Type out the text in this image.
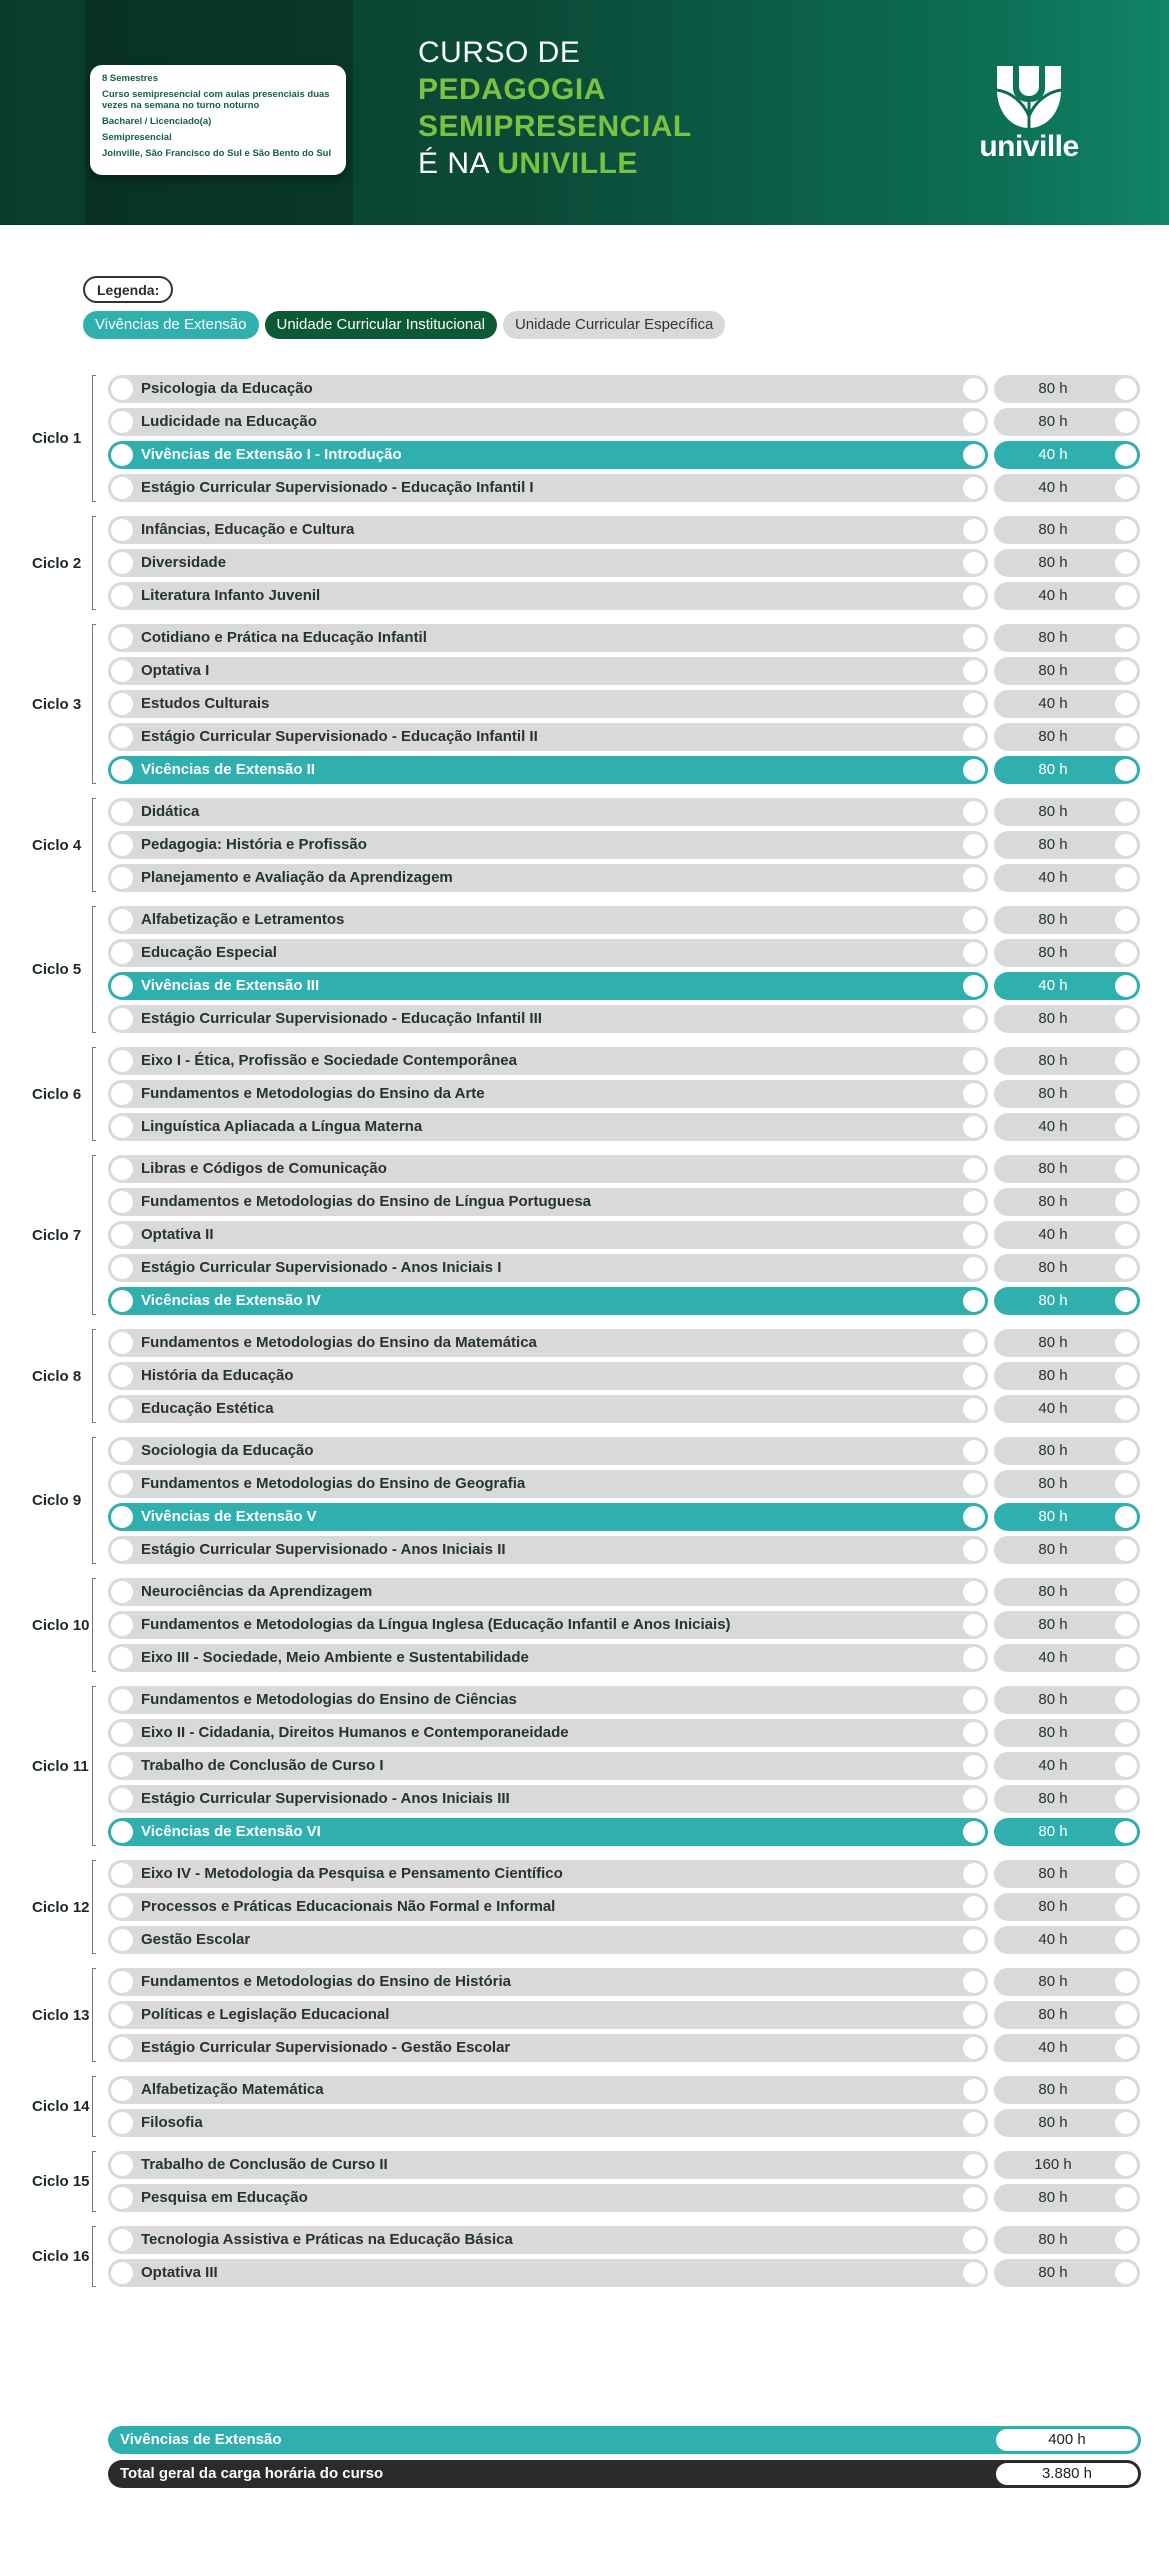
8 Semestres

Curso semipresencial com aulas presenciais duas vezes na semana no turno noturno

Bacharel / Licenciado(a)

Semipresencial

Joinville, São Francisco do Sul e São Bento do Sul

CURSO DE
PEDAGOGIA
SEMIPRESENCIAL
É NA UNIVILLE
univille
Legenda:
Vivências de Extensão	Unidade Curricular Institucional	Unidade Curricular Específica
Ciclo 1
Psicologia da Educação	80 h
Ludicidade na Educação	80 h
Vivências de Extensão I - Introdução	40 h
Estágio Curricular Supervisionado - Educação Infantil I	40 h
Ciclo 2
Infâncias, Educação e Cultura	80 h
Diversidade	80 h
Literatura Infanto Juvenil	40 h
Ciclo 3
Cotidiano e Prática na Educação Infantil	80 h
Optativa I	80 h
Estudos Culturais	40 h
Estágio Curricular Supervisionado - Educação Infantil II	80 h
Vicências de Extensão II	80 h
Ciclo 4
Didática	80 h
Pedagogia: História e Profissão	80 h
Planejamento e Avaliação da Aprendizagem	40 h
Ciclo 5
Alfabetização e Letramentos	80 h
Educação Especial	80 h
Vivências de Extensão III	40 h
Estágio Curricular Supervisionado - Educação Infantil III	80 h
Ciclo 6
Eixo I - Ética, Profissão e Sociedade Contemporânea	80 h
Fundamentos e Metodologias do Ensino da Arte	80 h
Linguística Apliacada a Língua Materna	40 h
Ciclo 7
Libras e Códigos de Comunicação	80 h
Fundamentos e Metodologias do Ensino de Língua Portuguesa	80 h
Optativa II	40 h
Estágio Curricular Supervisionado - Anos Iniciais I	80 h
Vicências de Extensão IV	80 h
Ciclo 8
Fundamentos e Metodologias do Ensino da Matemática	80 h
História da Educação	80 h
Educação Estética	40 h
Ciclo 9
Sociologia da Educação	80 h
Fundamentos e Metodologias do Ensino de Geografia	80 h
Vivências de Extensão V	80 h
Estágio Curricular Supervisionado - Anos Iniciais II	80 h
Ciclo 10
Neurociências da Aprendizagem	80 h
Fundamentos e Metodologias da Língua Inglesa (Educação Infantil e Anos Iniciais)	80 h
Eixo III - Sociedade, Meio Ambiente e Sustentabilidade	40 h
Ciclo 11
Fundamentos e Metodologias do Ensino de Ciências	80 h
Eixo II - Cidadania, Direitos Humanos e Contemporaneidade	80 h
Trabalho de Conclusão de Curso I	40 h
Estágio Curricular Supervisionado - Anos Iniciais III	80 h
Vicências de Extensão VI	80 h
Ciclo 12
Eixo IV - Metodologia da Pesquisa e Pensamento Científico	80 h
Processos e Práticas Educacionais Não Formal e Informal	80 h
Gestão Escolar	40 h
Ciclo 13
Fundamentos e Metodologias do Ensino de História	80 h
Políticas e Legislação Educacional	80 h
Estágio Curricular Supervisionado - Gestão Escolar	40 h
Ciclo 14
Alfabetização Matemática	80 h
Filosofia	80 h
Ciclo 15
Trabalho de Conclusão de Curso II	160 h
Pesquisa em Educação	80 h
Ciclo 16
Tecnologia Assistiva e Práticas na Educação Básica	80 h
Optativa III	80 h
Vivências de Extensão	400 h
Total geral da carga horária do curso	3.880 h
